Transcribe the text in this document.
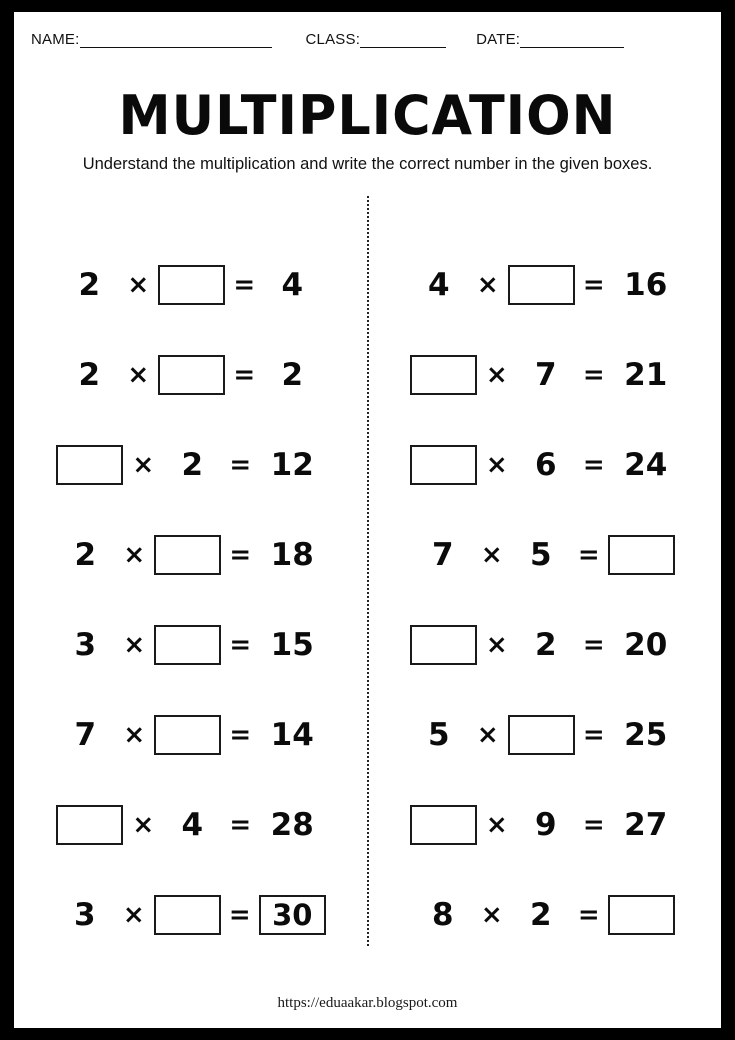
NAME:	CLASS:	DATE:
MULTIPLICATION
Understand the multiplication and write the correct number in the given boxes.
2	×	= 4
2	×	= 2
× 2	= 12
2	×	= 18
3	×	= 15
7	×	= 14
× 4	= 28
3	×	= 30
4	×	= 16
× 7	= 21
× 6	= 24
7	× 5	=
× 2	= 20
5	×	= 25
× 9	= 27
8	× 2	=
https://eduaakar.blogspot.com
